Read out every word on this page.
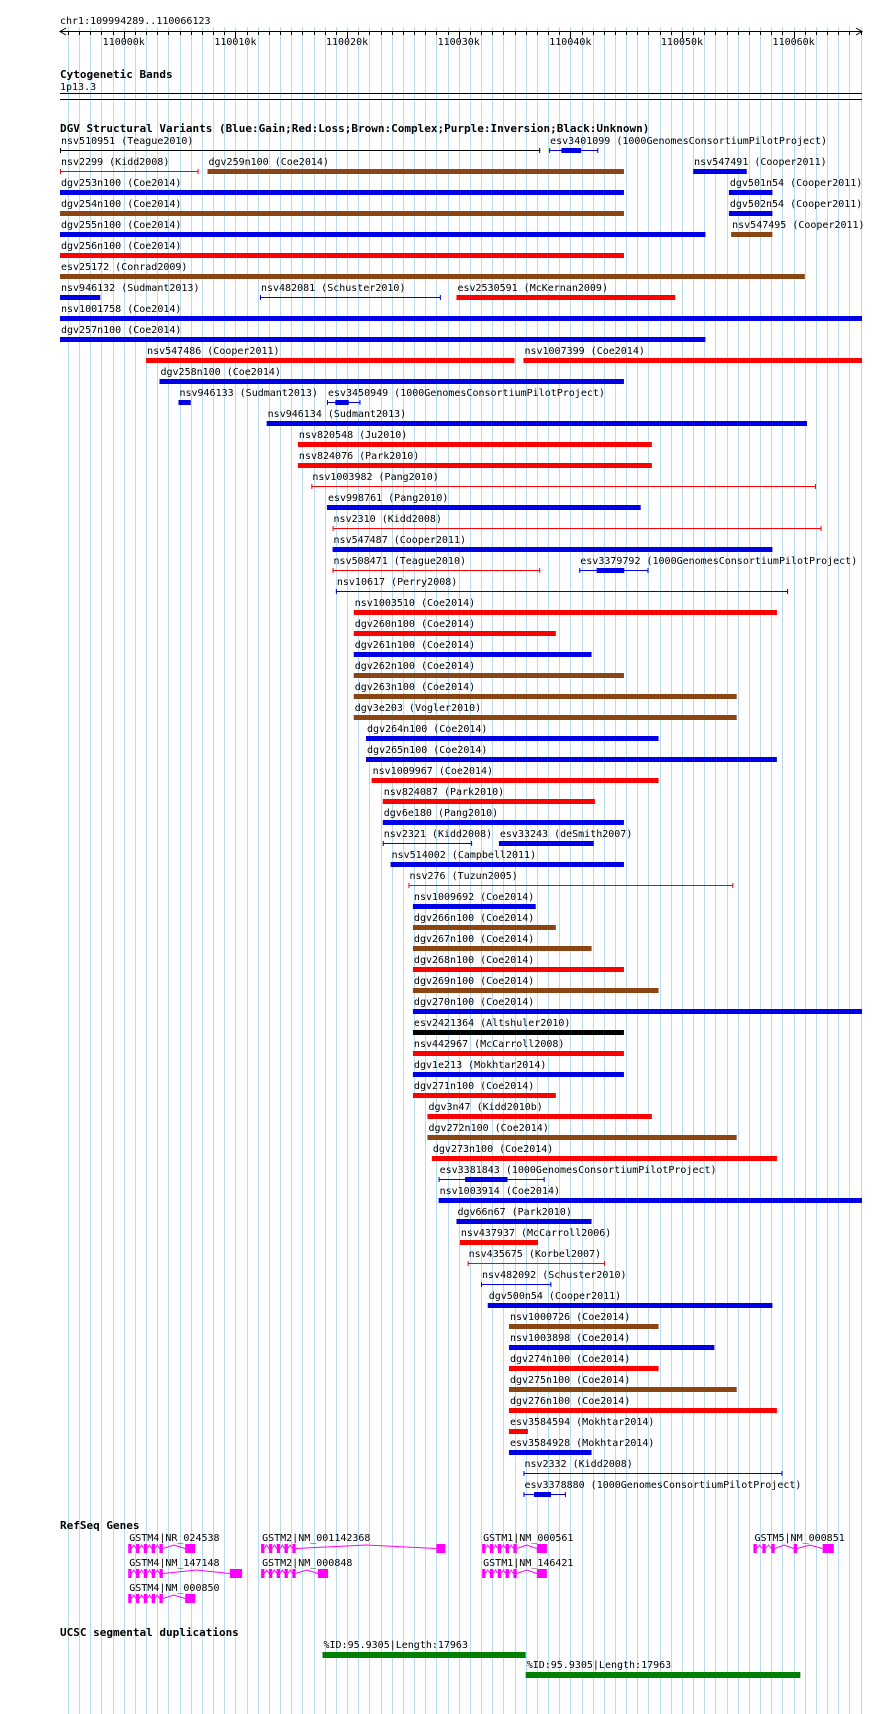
chr1:109994289..110066123
110000k	110010k	110020k	110030k	110040k	110050k	110060k
Cytogenetic Bands
1p13.3
DGV Structural Variants (Blue:Gain;Red:Loss;Brown:Complex;Purple:Inversion;Black:Unknown)
nsv510951 (Teague2010)	esv3401099 (1000GenomesConsortiumPilotProject)
nsv2299 (Kidd2008)	dgv259n100 (Coe2014)	nsv547491 (Cooper2011)
dgv253n100 (Coe2014)	dgv501n54 (Cooper2011)
dgv254n100 (Coe2014)	dgv502n54 (Cooper2011)
dgv255n100 (Coe2014)	nsv547495 (Cooper2011)
dgv256n100 (Coe2014)
esv25172 (Conrad2009)
nsv946132 (Sudmant2013)	nsv482081 (Schuster2010)	esv2530591 (McKernan2009)
nsv1001758 (Coe2014)
dgv257n100 (Coe2014)
nsv547486 (Cooper2011)	nsv1007399 (Coe2014)
dgv258n100 (Coe2014)
nsv946133 (Sudmant2013) esv3450949 (1000GenomesConsortiumPilotProject)
nsv946134 (Sudmant2013)
nsv820548 (Ju2010)
nsv824076 (Park2010)
nsv1003982 (Pang2010)
esv998761 (Pang2010)
nsv2310 (Kidd2008)
nsv547487 (Cooper2011)
nsv508471 (Teague2010)	esv3379792 (1000GenomesConsortiumPilotProject)
nsv10617 (Perry2008)
nsv1003510 (Coe2014)
dgv260n100 (Coe2014)
dgv261n100 (Coe2014)
dgv262n100 (Coe2014)
dgv263n100 (Coe2014)
dgv3e203 (Vogler2010)
dgv264n100 (Coe2014)
dgv265n100 (Coe2014)
nsv1009967 (Coe2014)
nsv824087 (Park2010)
dgv6e180 (Pang2010)
nsv2321 (Kidd2008) esv33243 (deSmith2007)
nsv514002 (Campbell2011)
nsv276 (Tuzun2005)
nsv1009692 (Coe2014)
dgv266n100 (Coe2014)
dgv267n100 (Coe2014)
dgv268n100 (Coe2014)
dgv269n100 (Coe2014)
dgv270n100 (Coe2014)
esv2421364 (Altshuler2010)
nsv442967 (McCarroll2008)
dgv1e213 (Mokhtar2014)
dgv271n100 (Coe2014)
dgv3n47 (Kidd2010b)
dgv272n100 (Coe2014)
dgv273n100 (Coe2014)
esv3381843 (1000GenomesConsortiumPilotProject)
nsv1003914 (Coe2014)
dgv66n67 (Park2010)
nsv437937 (McCarroll2006)
nsv435675 (Korbel2007)
nsv482092 (Schuster2010)
dgv500n54 (Cooper2011)
nsv1000726 (Coe2014)
nsv1003898 (Coe2014)
dgv274n100 (Coe2014)
dgv275n100 (Coe2014)
dgv276n100 (Coe2014)
esv3584594 (Mokhtar2014)
esv3584928 (Mokhtar2014)
nsv2332 (Kidd2008)
esv3378880 (1000GenomesConsortiumPilotProject)
RefSeq Genes
GSTM4|NR_024538	GSTM2|NM_001142368	GSTM1|NM_000561	GSTM5|NM_000851
GSTM4|NM_147148	GSTM2|NM_000848	GSTM1|NM_146421
GSTM4|NM_000850
UCSC segmental duplications
%ID:95.9305|Length:17963
%ID:95.9305|Length:17963
